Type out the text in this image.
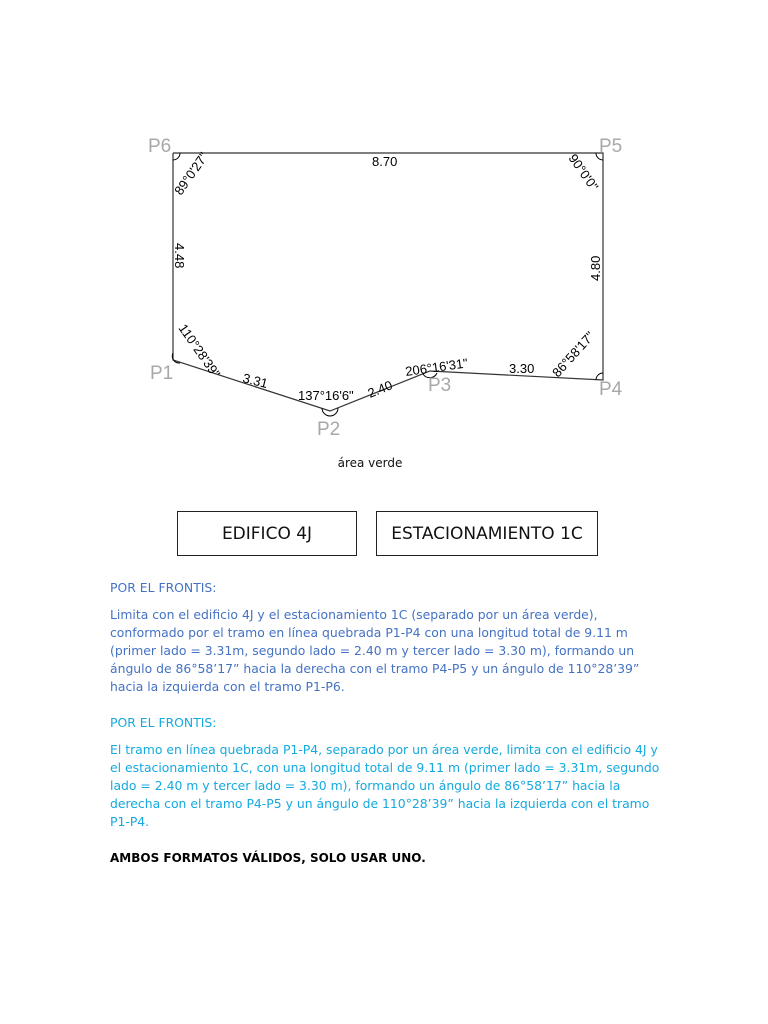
P6	P5
P1
P2
P3	P4
8.70
4.80
4.48
3.31	2.40
3.30
89°0'27"	90°0'0"
110°28'39"
137°16'6"
206°16'31"	86°58'17"
área verde
EDIFICO 4J	ESTACIONAMIENTO 1C
POR EL FRONTIS:
Limita con el edificio 4J y el estacionamiento 1C (separado por un área verde), conformado por el tramo en línea quebrada P1-P4 con una longitud total de 9.11 m (primer lado = 3.31m, segundo lado = 2.40 m y tercer lado = 3.30 m), formando un ángulo de 86°58’17” hacia la derecha con el tramo P4-P5 y un ángulo de 110°28’39” hacia la izquierda con el tramo P1-P6.
POR EL FRONTIS:
El tramo en línea quebrada P1-P4, separado por un área verde, limita con el edificio 4J y el estacionamiento 1C, con una longitud total de 9.11 m (primer lado = 3.31m, segundo lado = 2.40 m y tercer lado = 3.30 m), formando un ángulo de 86°58’17” hacia la derecha con el tramo P4-P5 y un ángulo de 110°28’39” hacia la izquierda con el tramo P1-P4.
AMBOS FORMATOS VÁLIDOS, SOLO USAR UNO.
